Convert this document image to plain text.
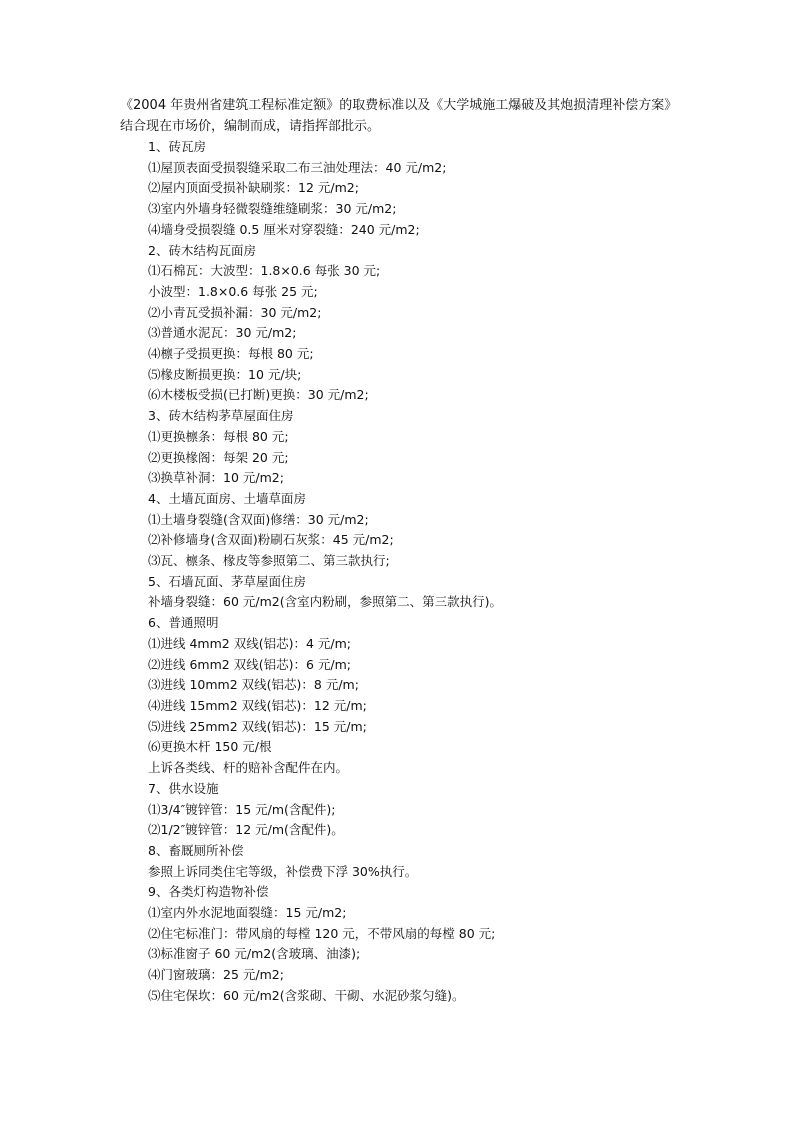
《2004 年贵州省建筑工程标准定额》的取费标准以及《大学城施工爆破及其炮损清理补偿方案》结合现在市场价，编制而成，请指挥部批示。

1、砖瓦房
⑴屋顶表面受损裂缝采取二布三油处理法：40 元/m2;
⑵屋内顶面受损补缺刷浆：12 元/m2;
⑶室内外墙身轻微裂缝维缝刷浆：30 元/m2;
⑷墙身受损裂缝 0.5 厘米对穿裂缝：240 元/m2;
2、砖木结构瓦面房
⑴石棉瓦：大波型：1.8×0.6 每张 30 元;
小波型：1.8×0.6 每张 25 元;
⑵小青瓦受损补漏：30 元/m2;
⑶普通水泥瓦：30 元/m2;
⑷檩子受损更换：每根 80 元;
⑸椽皮断损更换：10 元/块;
⑹木楼板受损(已打断)更换：30 元/m2;
3、砖木结构茅草屋面住房
⑴更换檩条：每根 80 元;
⑵更换椽阁：每架 20 元;
⑶换草补洞：10 元/m2;
4、土墙瓦面房、土墙草面房
⑴土墙身裂缝(含双面)修缮：30 元/m2;
⑵补修墙身(含双面)粉刷石灰浆：45 元/m2;
⑶瓦、檩条、椽皮等参照第二、第三款执行;
5、石墙瓦面、茅草屋面住房
补墙身裂缝：60 元/m2(含室内粉刷，参照第二、第三款执行)。
6、普通照明
⑴进线 4mm2 双线(铝芯)：4 元/m;
⑵进线 6mm2 双线(铝芯)：6 元/m;
⑶进线 10mm2 双线(铝芯)：8 元/m;
⑷进线 15mm2 双线(铝芯)：12 元/m;
⑸进线 25mm2 双线(铝芯)：15 元/m;
⑹更换木杆 150 元/根
上诉各类线、杆的赔补含配件在内。
7、供水设施
⑴3/4″镀锌管：15 元/m(含配件);
⑵1/2″镀锌管：12 元/m(含配件)。
8、畜厩厕所补偿
参照上诉同类住宅等级，补偿费下浮 30%执行。
9、各类灯构造物补偿
⑴室内外水泥地面裂缝：15 元/m2;
⑵住宅标准门：带风扇的每樘 120 元，不带风扇的每樘 80 元;
⑶标准窗子 60 元/m2(含玻璃、油漆);
⑷门窗玻璃：25 元/m2;
⑸住宅保坎：60 元/m2(含浆砌、干砌、水泥砂浆匀缝)。
